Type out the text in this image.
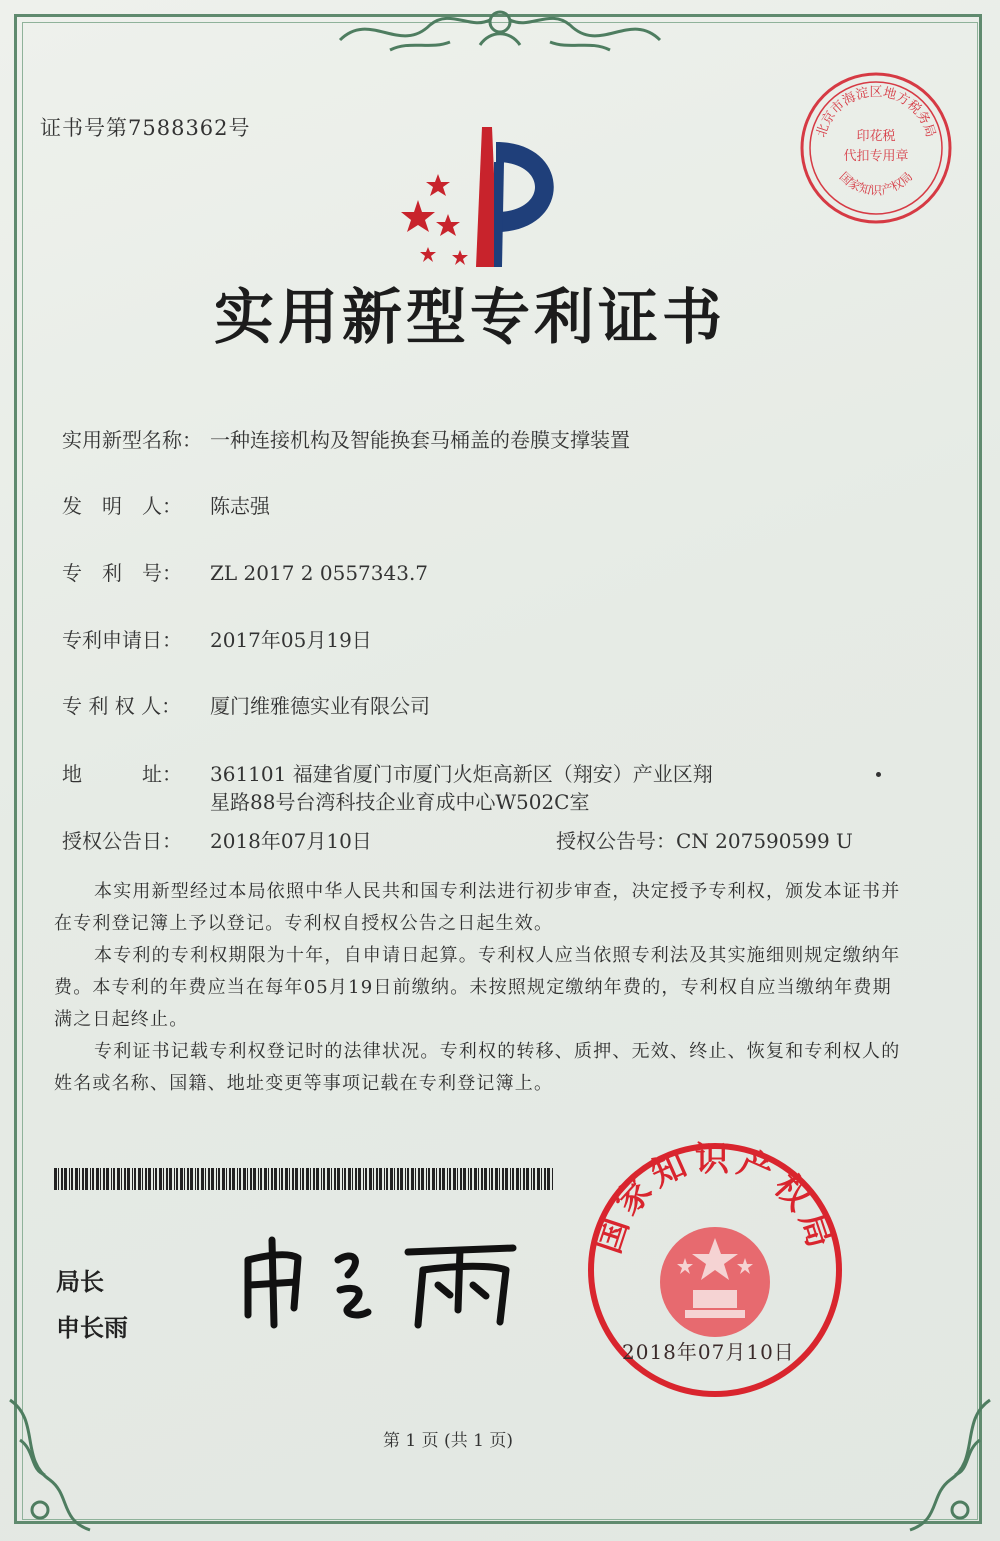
证书号第7588362号	北京市海淀区地方税务局
印花税
代扣专用章
国家知识产权局
实用新型专利证书
实用新型名称： 一种连接机构及智能换套马桶盖的卷膜支撑装置
发　明　人： 陈志强
专　利　号： ZL 2017 2 0557343.7
专利申请日： 2017年05月19日
专 利 权 人： 厦门维雅德实业有限公司
地　　　址： 361101 福建省厦门市厦门火炬高新区（翔安）产业区翔
星路88号台湾科技企业育成中心W502C室
授权公告日： 2018年07月10日	授权公告号：CN 207590599 U
本实用新型经过本局依照中华人民共和国专利法进行初步审查，决定授予专利权，颁发本证书并在专利登记簿上予以登记。专利权自授权公告之日起生效。
本专利的专利权期限为十年，自申请日起算。专利权人应当依照专利法及其实施细则规定缴纳年费。本专利的年费应当在每年05月19日前缴纳。未按照规定缴纳年费的，专利权自应当缴纳年费期满之日起终止。
专利证书记载专利权登记时的法律状况。专利权的转移、质押、无效、终止、恢复和专利权人的姓名或名称、国籍、地址变更等事项记载在专利登记簿上。
局长
申长雨
国家知识产权局
2018年07月10日
第 1 页 (共 1 页)
